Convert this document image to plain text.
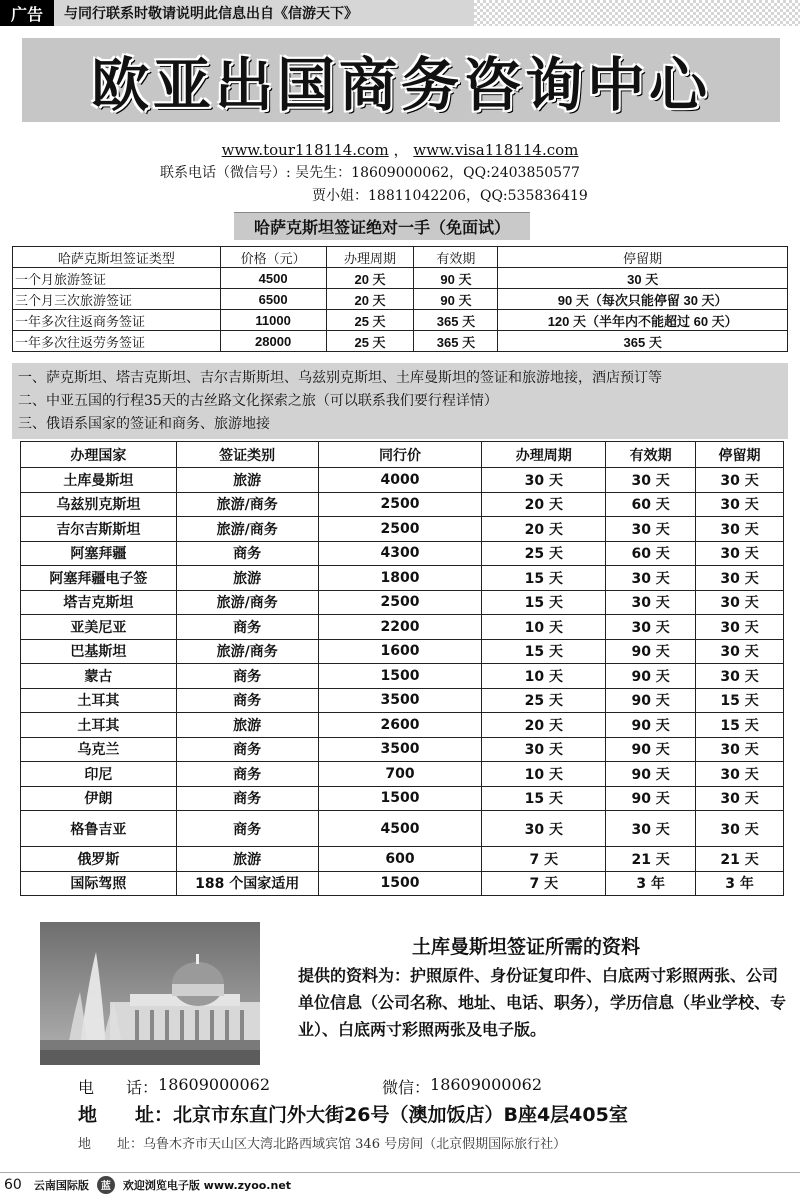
广告	与同行联系时敬请说明此信息出自《信游天下》
欧亚出国商务咨询中心
www.tour118114.com ， www.visa118114.com
联系电话（微信号）: 吴先生：18609000062，QQ:2403850577
贾小姐：18811042206，QQ:535836419
哈萨克斯坦签证绝对一手（免面试）
哈萨克斯坦签证类型	价格（元）	办理周期	有效期	停留期
一个月旅游签证	4500	20 天	90 天	30 天
三个月三次旅游签证	6500	20 天	90 天	90 天（每次只能停留 30 天）
一年多次往返商务签证	11000	25 天	365 天	120 天（半年内不能超过 60 天）
一年多次往返劳务签证	28000	25 天	365 天	365 天
一、萨克斯坦、塔吉克斯坦、吉尔吉斯斯坦、乌兹别克斯坦、土库曼斯坦的签证和旅游地接，酒店预订等
二、中亚五国的行程35天的古丝路文化探索之旅（可以联系我们要行程详情）
三、俄语系国家的签证和商务、旅游地接
办理国家	签证类别	同行价	办理周期	有效期	停留期
土库曼斯坦	旅游	4000	30 天	30 天	30 天
乌兹别克斯坦	旅游/商务	2500	20 天	60 天	30 天
吉尔吉斯斯坦	旅游/商务	2500	20 天	30 天	30 天
阿塞拜疆	商务	4300	25 天	60 天	30 天
阿塞拜疆电子签	旅游	1800	15 天	30 天	30 天
塔吉克斯坦	旅游/商务	2500	15 天	30 天	30 天
亚美尼亚	商务	2200	10 天	30 天	30 天
巴基斯坦	旅游/商务	1600	15 天	90 天	30 天
蒙古	商务	1500	10 天	90 天	30 天
土耳其	商务	3500	25 天	90 天	15 天
土耳其	旅游	2600	20 天	90 天	15 天
乌克兰	商务	3500	30 天	90 天	30 天
印尼	商务	700	10 天	90 天	30 天
伊朗	商务	1500	15 天	90 天	30 天
格鲁吉亚	商务	4500	30 天	30 天	30 天
俄罗斯	旅游	600	7 天	21 天	21 天
国际驾照	188 个国家适用	1500	7 天	3 年	3 年
土库曼斯坦签证所需的资料
提供的资料为：护照原件、身份证复印件、白底两寸彩照两张、公司单位信息（公司名称、地址、电话、职务），学历信息（毕业学校、专业）、白底两寸彩照两张及电子版。
电　　话： 18609000062	微信： 18609000062
地　　址： 北京市东直门外大街26号（澳加饭店）B座4层405室
地　　址： 乌鲁木齐市天山区大湾北路西域宾馆 346 号房间（北京假期国际旅行社）
60 云南国际版	蓝	欢迎浏览电子版 www.zyoo.net
